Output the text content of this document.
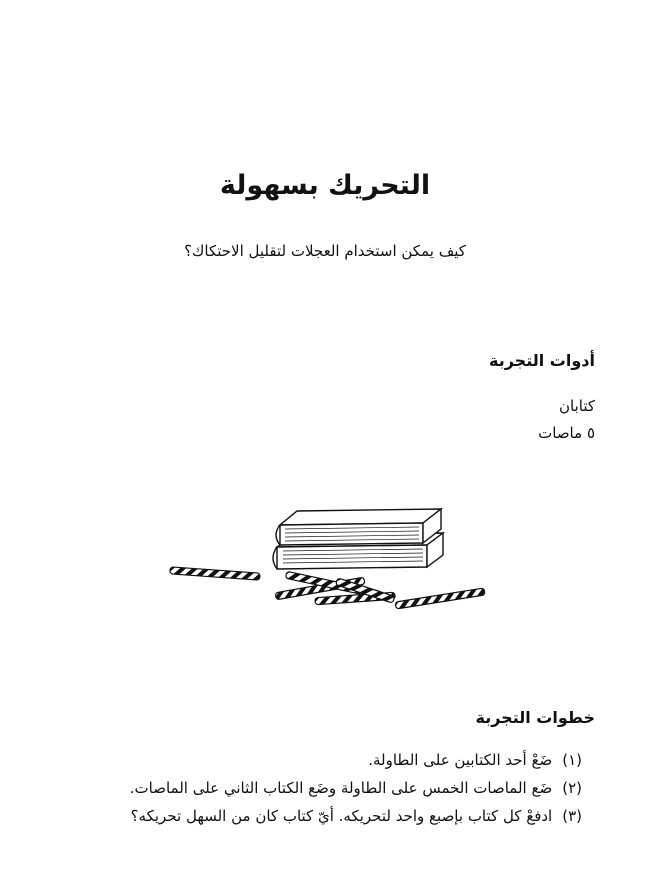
التحريك بسهولة

كيف يمكن استخدام العجلات لتقليل الاحتكاك؟

أدوات التجربة
كتابان
٥ ماصات
خطوات التجربة
(١)ضَعْ أحد الكتابين على الطاولة.
(٢)ضَع الماصات الخمس على الطاولة وضَع الكتاب الثاني على الماصات.
(٣)ادفعْ كل كتاب بإصبع واحد لتحريكه. أيّ كتاب كان من السهل تحريكه؟
